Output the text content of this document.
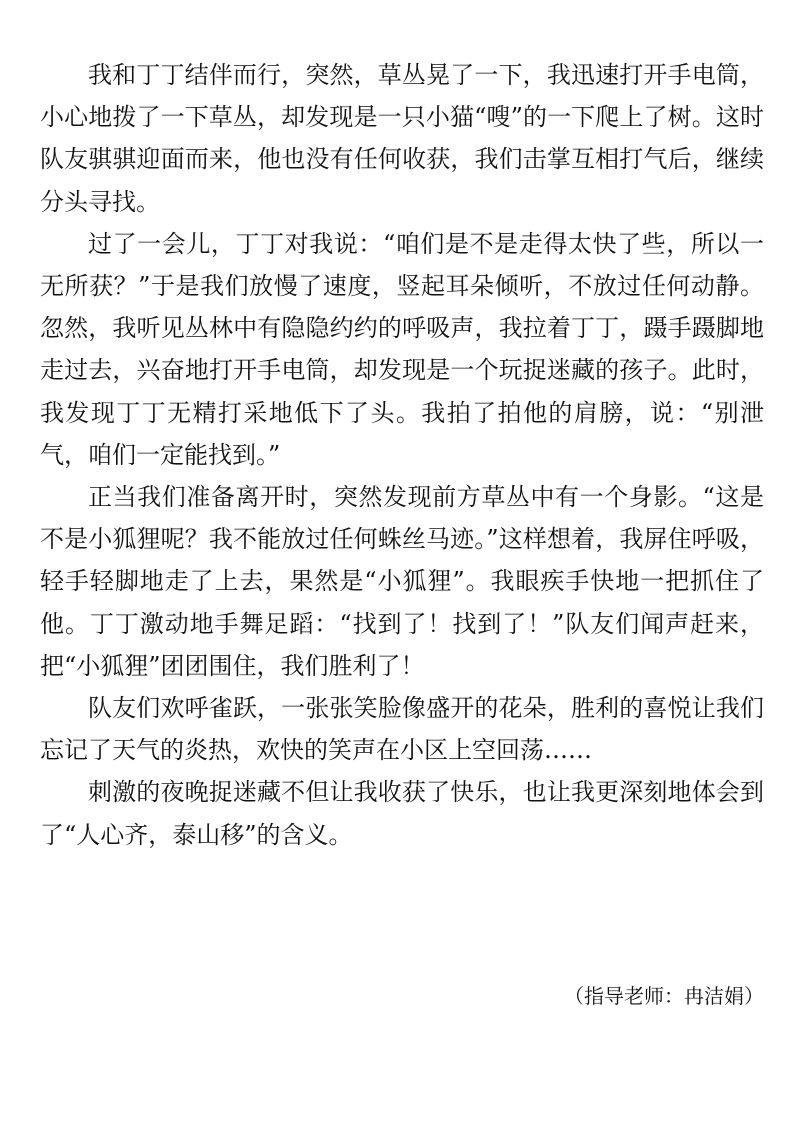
我和丁丁结伴而行，突然，草丛晃了一下，我迅速打开手电筒，小心地拨了一下草丛，却发现是一只小猫“嗖”的一下爬上了树。这时队友骐骐迎面而来，他也没有任何收获，我们击掌互相打气后，继续分头寻找。

过了一会儿，丁丁对我说：“咱们是不是走得太快了些，所以一无所获？”于是我们放慢了速度，竖起耳朵倾听，不放过任何动静。忽然，我听见丛林中有隐隐约约的呼吸声，我拉着丁丁，蹑手蹑脚地走过去，兴奋地打开手电筒，却发现是一个玩捉迷藏的孩子。此时，我发现丁丁无精打采地低下了头。我拍了拍他的肩膀，说：“别泄气，咱们一定能找到。”

正当我们准备离开时，突然发现前方草丛中有一个身影。“这是不是小狐狸呢？我不能放过任何蛛丝马迹。”这样想着，我屏住呼吸，轻手轻脚地走了上去，果然是“小狐狸”。我眼疾手快地一把抓住了他。丁丁激动地手舞足蹈：“找到了！找到了！”队友们闻声赶来，把“小狐狸”团团围住，我们胜利了！

队友们欢呼雀跃，一张张笑脸像盛开的花朵，胜利的喜悦让我们忘记了天气的炎热，欢快的笑声在小区上空回荡……

刺激的夜晚捉迷藏不但让我收获了快乐，也让我更深刻地体会到了“人心齐，泰山移”的含义。

（指导老师：冉洁娟）
